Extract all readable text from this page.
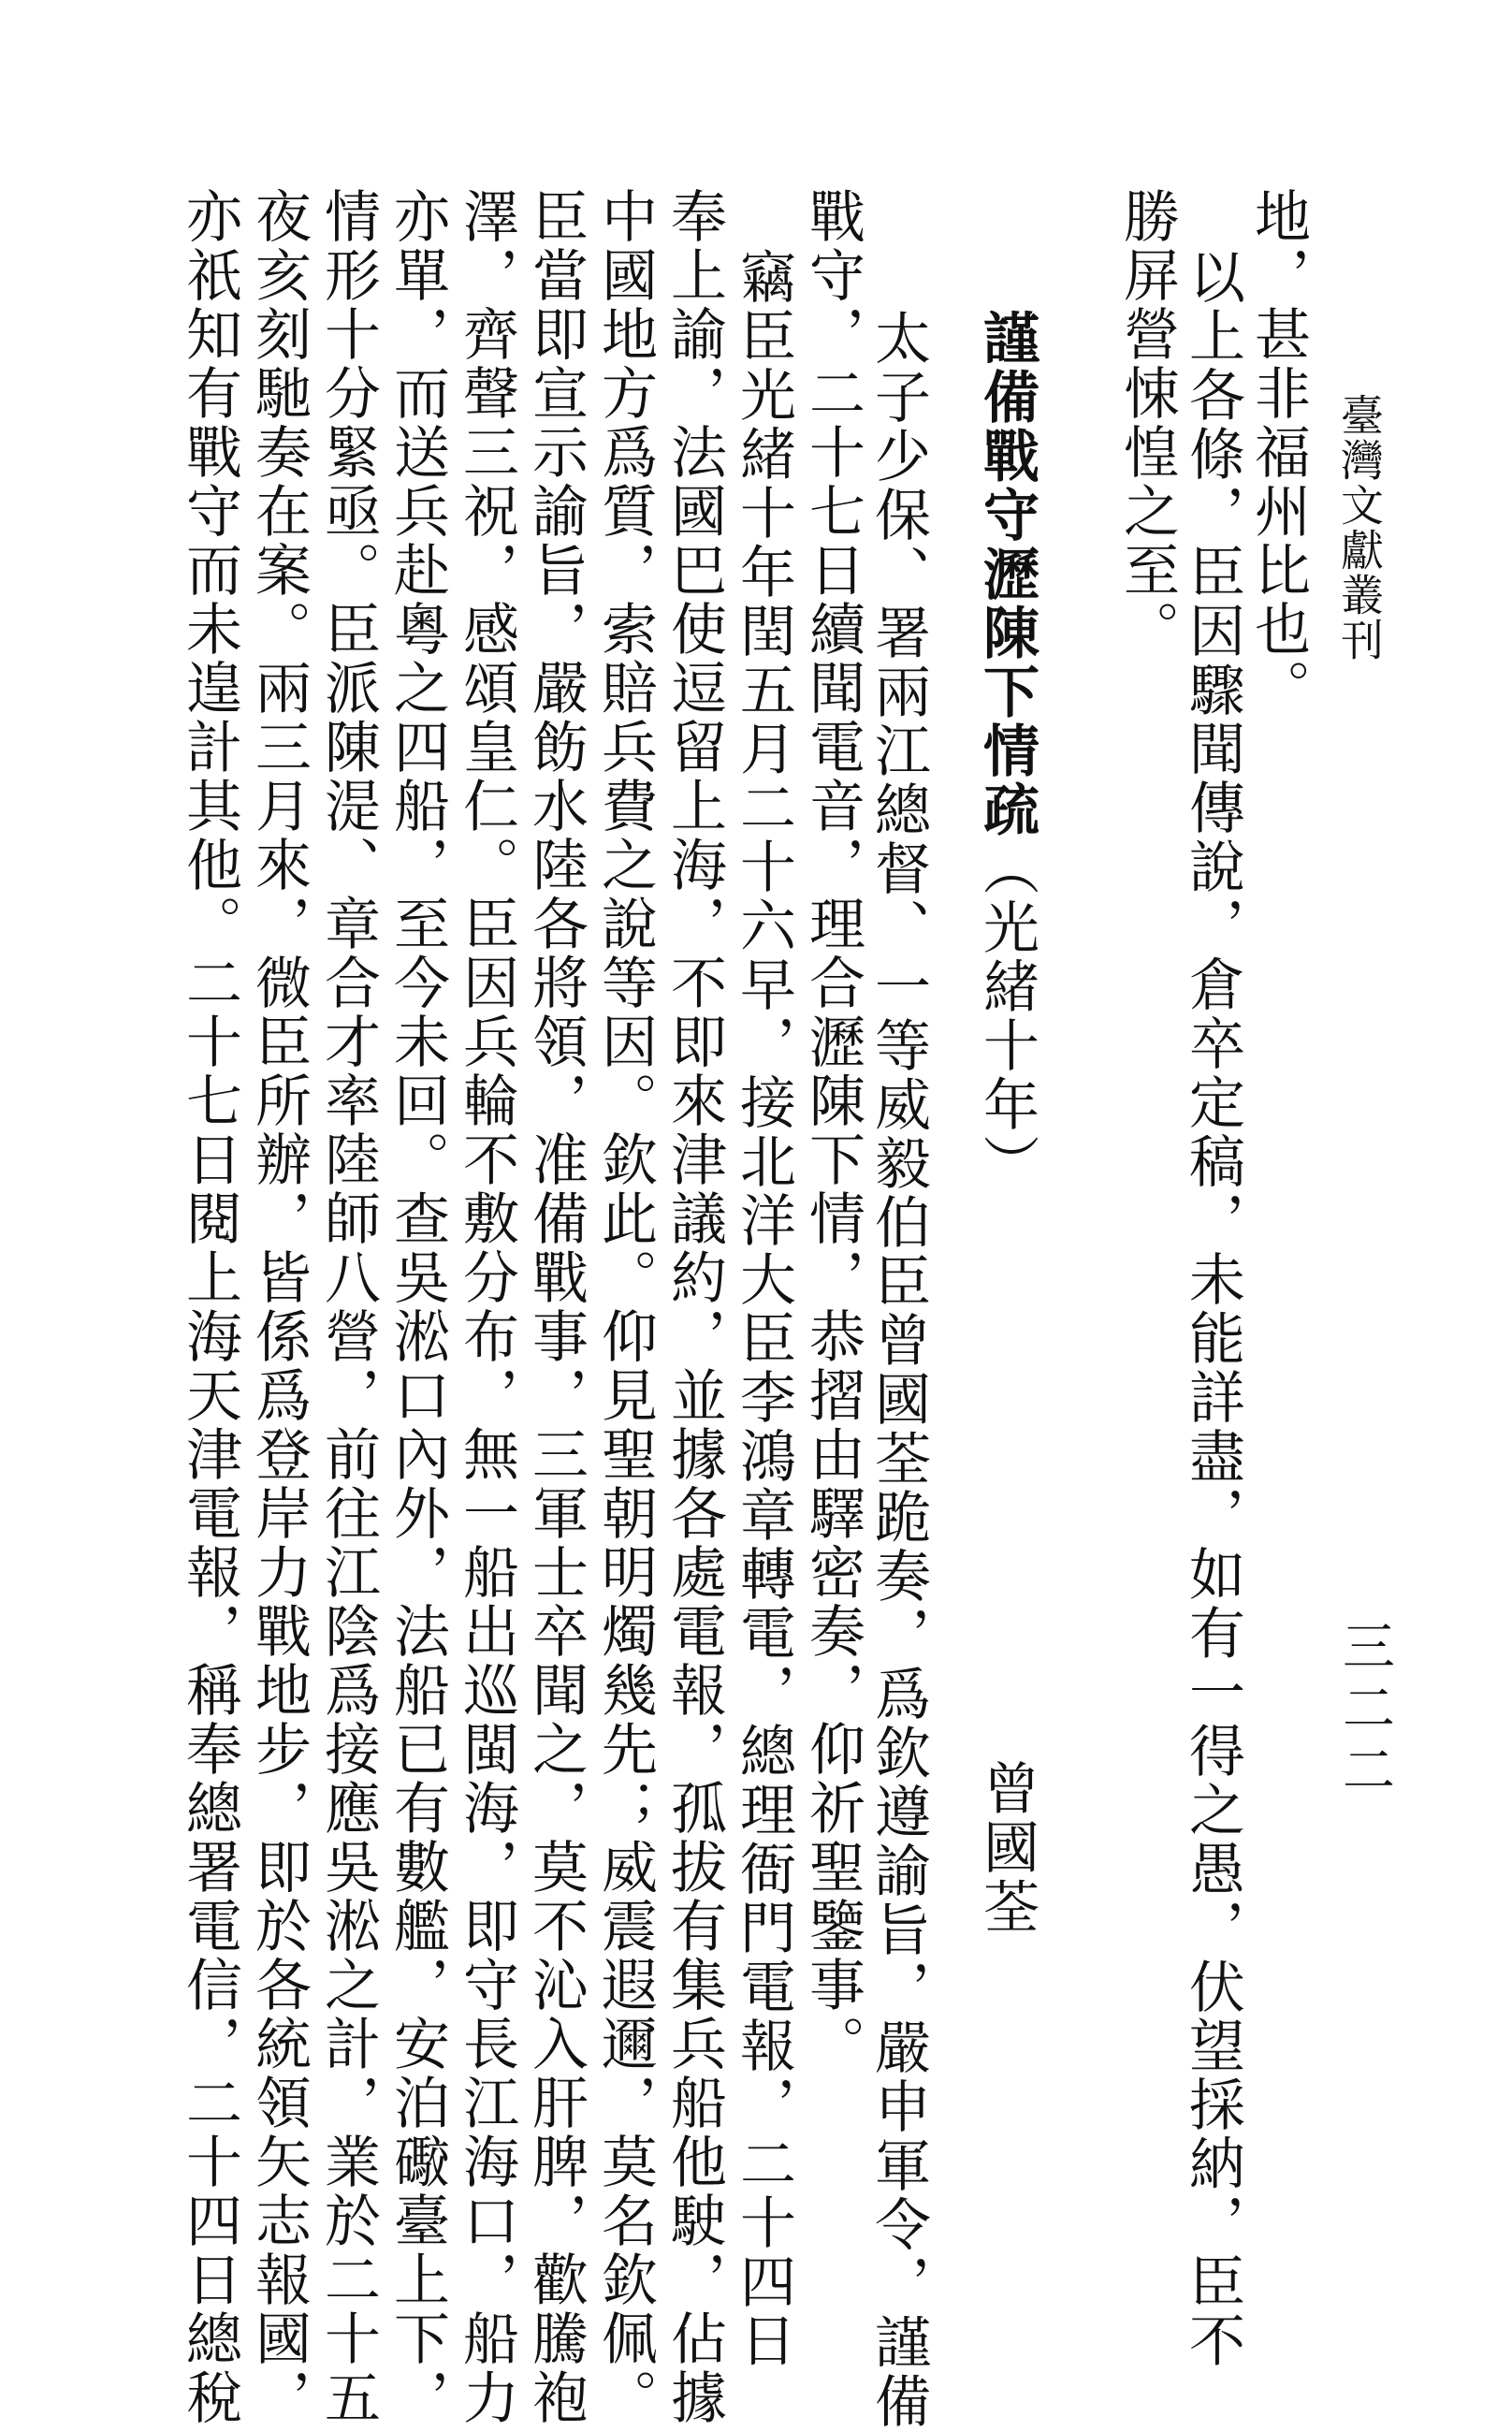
臺灣文獻叢刊
三二二
地，甚非福州比也。
以上各條，臣因驟聞傳說，倉卒定稿，未能詳盡，如有一得之愚，伏望採納，臣不
勝屏營悚惶之至。
謹備戰守瀝陳下情疏（光緒十年）
曾國荃
太子少保、署兩江總督、一等威毅伯臣曾國荃跪奏，爲欽遵諭旨，嚴申軍令，謹備
戰守，二十七日續聞電音，理合瀝陳下情，恭摺由驛密奏，仰祈聖鑒事。
竊臣光緒十年閏五月二十六早，接北洋大臣李鴻章轉電，總理衙門電報，二十四日
奉上諭，法國巴使逗留上海，不即來津議約，並據各處電報，孤拔有集兵船他駛，佔據
中國地方爲質，索賠兵費之說等因。欽此。仰見聖朝明燭幾先；威震遐邇，莫名欽佩。
臣當即宣示諭旨，嚴飭水陸各將領，准備戰事，三軍士卒聞之，莫不沁入肝脾，歡騰袍
澤，齊聲三祝，感頌皇仁。臣因兵輪不敷分布，無一船出巡閩海，即守長江海口，船力
亦單，而送兵赴粵之四船，至今未回。查吳淞口內外，法船已有數艦，安泊礮臺上下，
情形十分緊亟。臣派陳湜、章合才率陸師八營，前往江陰爲接應吳淞之計，業於二十五
夜亥刻馳奏在案。兩三月來，微臣所辦，皆係爲登岸力戰地步，即於各統領矢志報國，
亦祇知有戰守而未遑計其他。二十七日閱上海天津電報，稱奉總署電信，二十四日總稅
